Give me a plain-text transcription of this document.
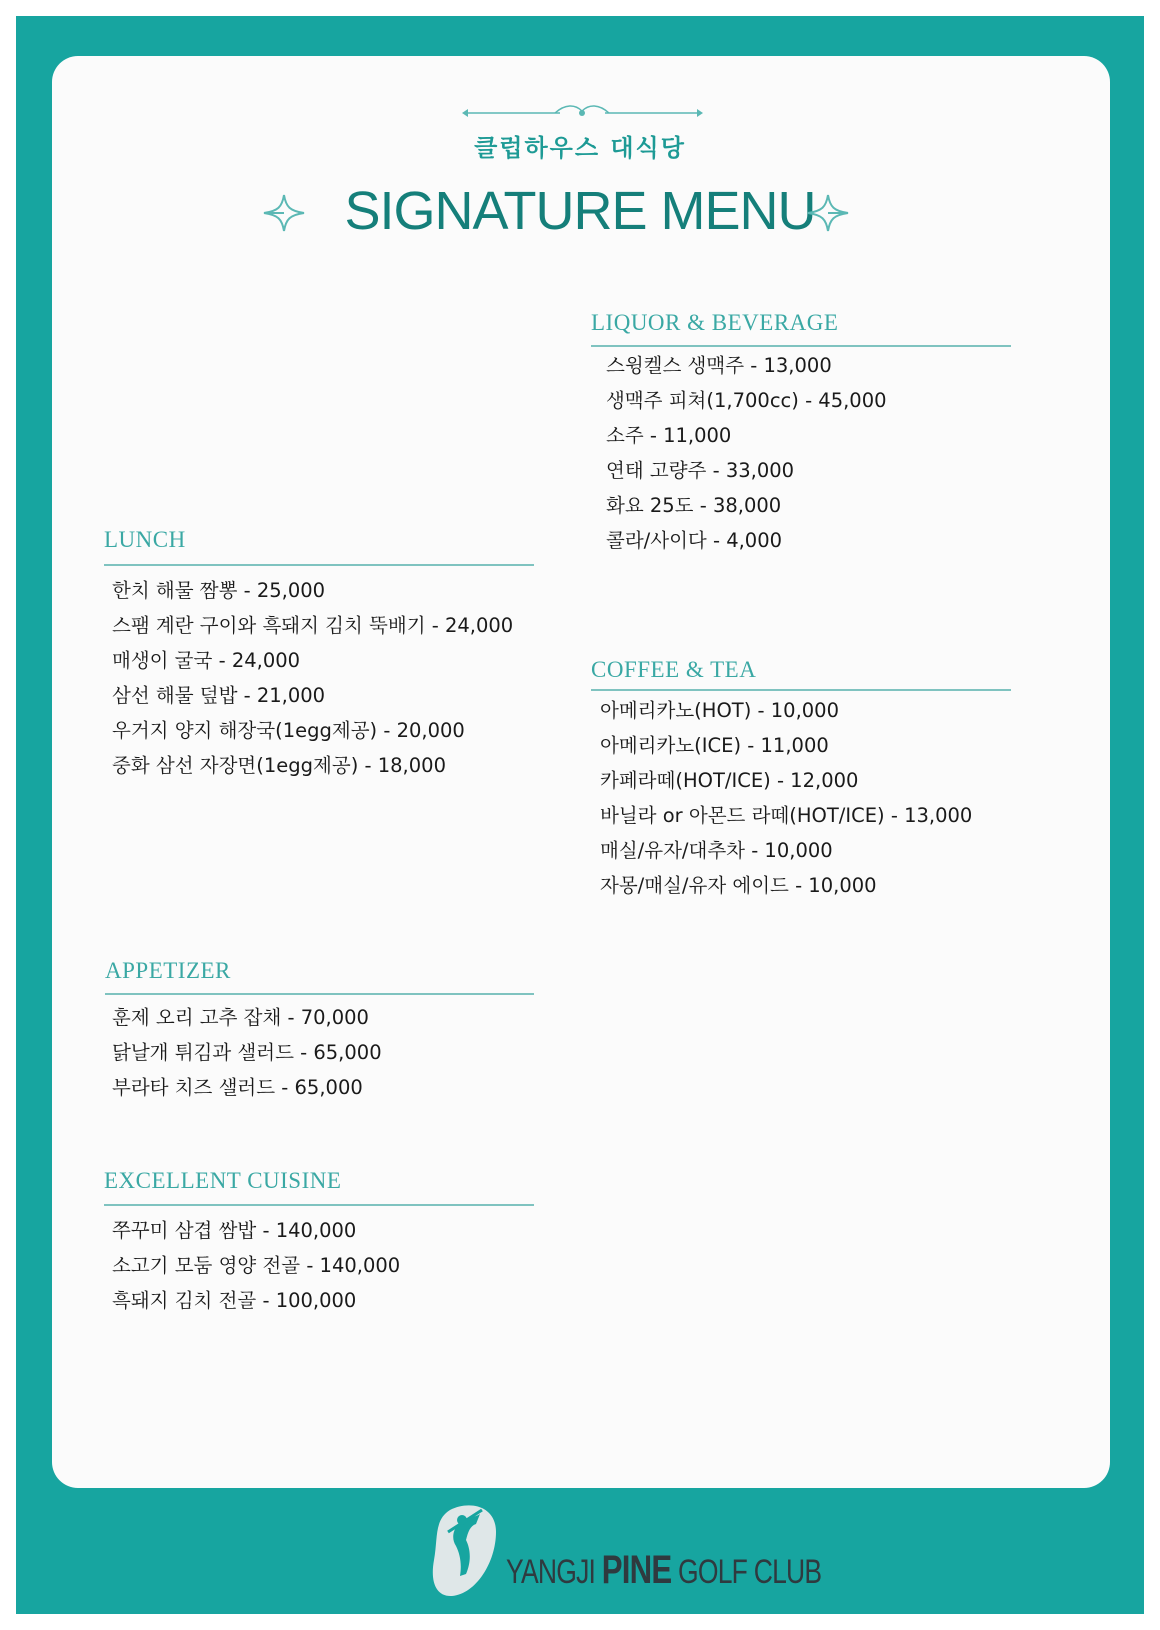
클럽하우스 대식당
SIGNATURE MENU
LIQUOR & BEVERAGE
스윙켈스 생맥주 - 13,000
생맥주 피쳐(1,700cc) - 45,000
소주 - 11,000
연태 고량주 - 33,000
화요 25도 - 38,000
콜라/사이다 - 4,000
LUNCH
한치 해물 짬뽕 - 25,000
스팸 계란 구이와 흑돼지 김치 뚝배기 - 24,000
매생이 굴국 - 24,000
삼선 해물 덮밥 - 21,000
우거지 양지 해장국(1egg제공) - 20,000
중화 삼선 자장면(1egg제공) - 18,000
COFFEE & TEA
아메리카노(HOT) - 10,000
아메리카노(ICE) - 11,000
카페라떼(HOT/ICE) - 12,000
바닐라 or 아몬드 라떼(HOT/ICE) - 13,000
매실/유자/대추차 - 10,000
자몽/매실/유자 에이드 - 10,000
APPETIZER
훈제 오리 고추 잡채 - 70,000
닭날개 튀김과 샐러드 - 65,000
부라타 치즈 샐러드 - 65,000
EXCELLENT CUISINE
쭈꾸미 삼겹 쌈밥 - 140,000
소고기 모둠 영양 전골 - 140,000
흑돼지 김치 전골 - 100,000
YANGJI PINE GOLF CLUB
